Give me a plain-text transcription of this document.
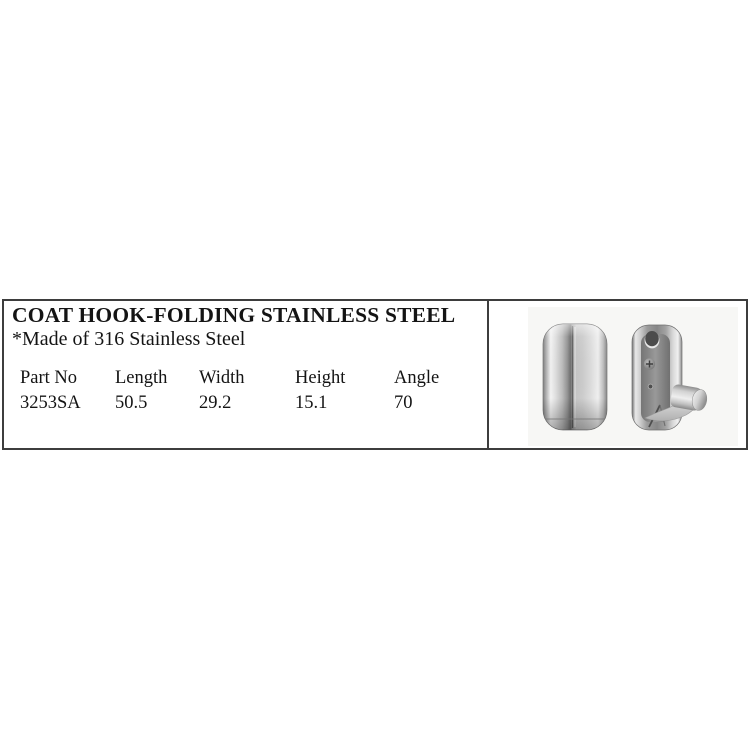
COAT HOOK-FOLDING STAINLESS STEEL

*Made of 316 Stainless Steel

Part No	Length	Width	Height	Angle
3253SA	50.5	29.2	15.1	70
